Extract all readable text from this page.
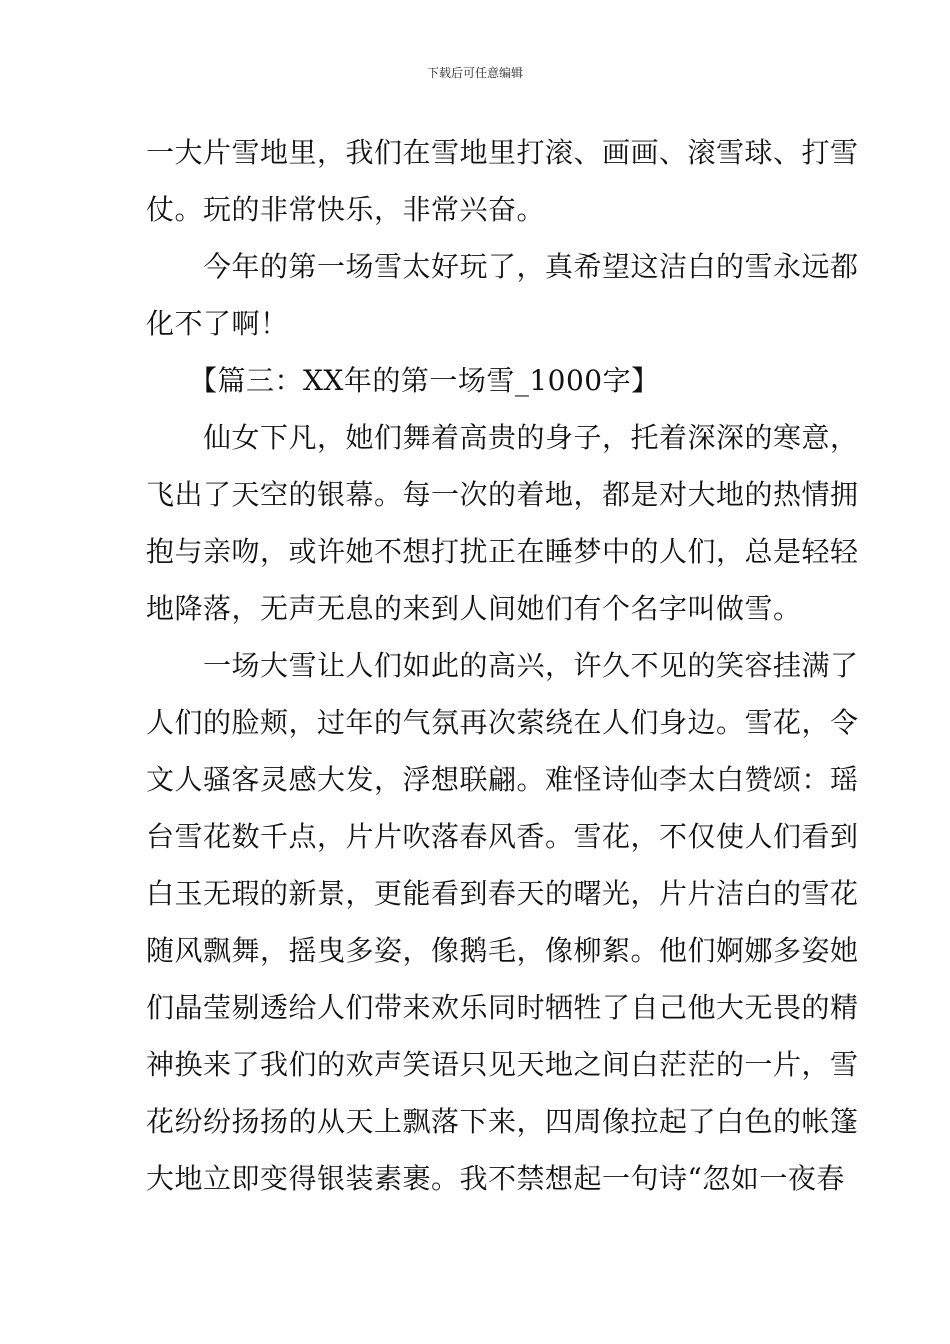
下载后可任意编辑
一大片雪地里，我们在雪地里打滚、画画、滚雪球、打雪
仗。玩的非常快乐，非常兴奋。
　　今年的第一场雪太好玩了，真希望这洁白的雪永远都
化不了啊！
　　【篇三：XX年的第一场雪_1000字】
　　仙女下凡，她们舞着高贵的身子，托着深深的寒意，
飞出了天空的银幕。每一次的着地，都是对大地的热情拥
抱与亲吻，或许她不想打扰正在睡梦中的人们，总是轻轻
地降落，无声无息的来到人间她们有个名字叫做雪。
　　一场大雪让人们如此的高兴，许久不见的笑容挂满了
人们的脸颊，过年的气氛再次萦绕在人们身边。雪花，令
文人骚客灵感大发，浮想联翩。难怪诗仙李太白赞颂：瑶
台雪花数千点，片片吹落春风香。雪花，不仅使人们看到
白玉无瑕的新景，更能看到春天的曙光，片片洁白的雪花
随风飘舞，摇曳多姿，像鹅毛，像柳絮。他们婀娜多姿她
们晶莹剔透给人们带来欢乐同时牺牲了自己他大无畏的精
神换来了我们的欢声笑语只见天地之间白茫茫的一片，雪
花纷纷扬扬的从天上飘落下来，四周像拉起了白色的帐篷
大地立即变得银装素裹。我不禁想起一句诗“忽如一夜春
